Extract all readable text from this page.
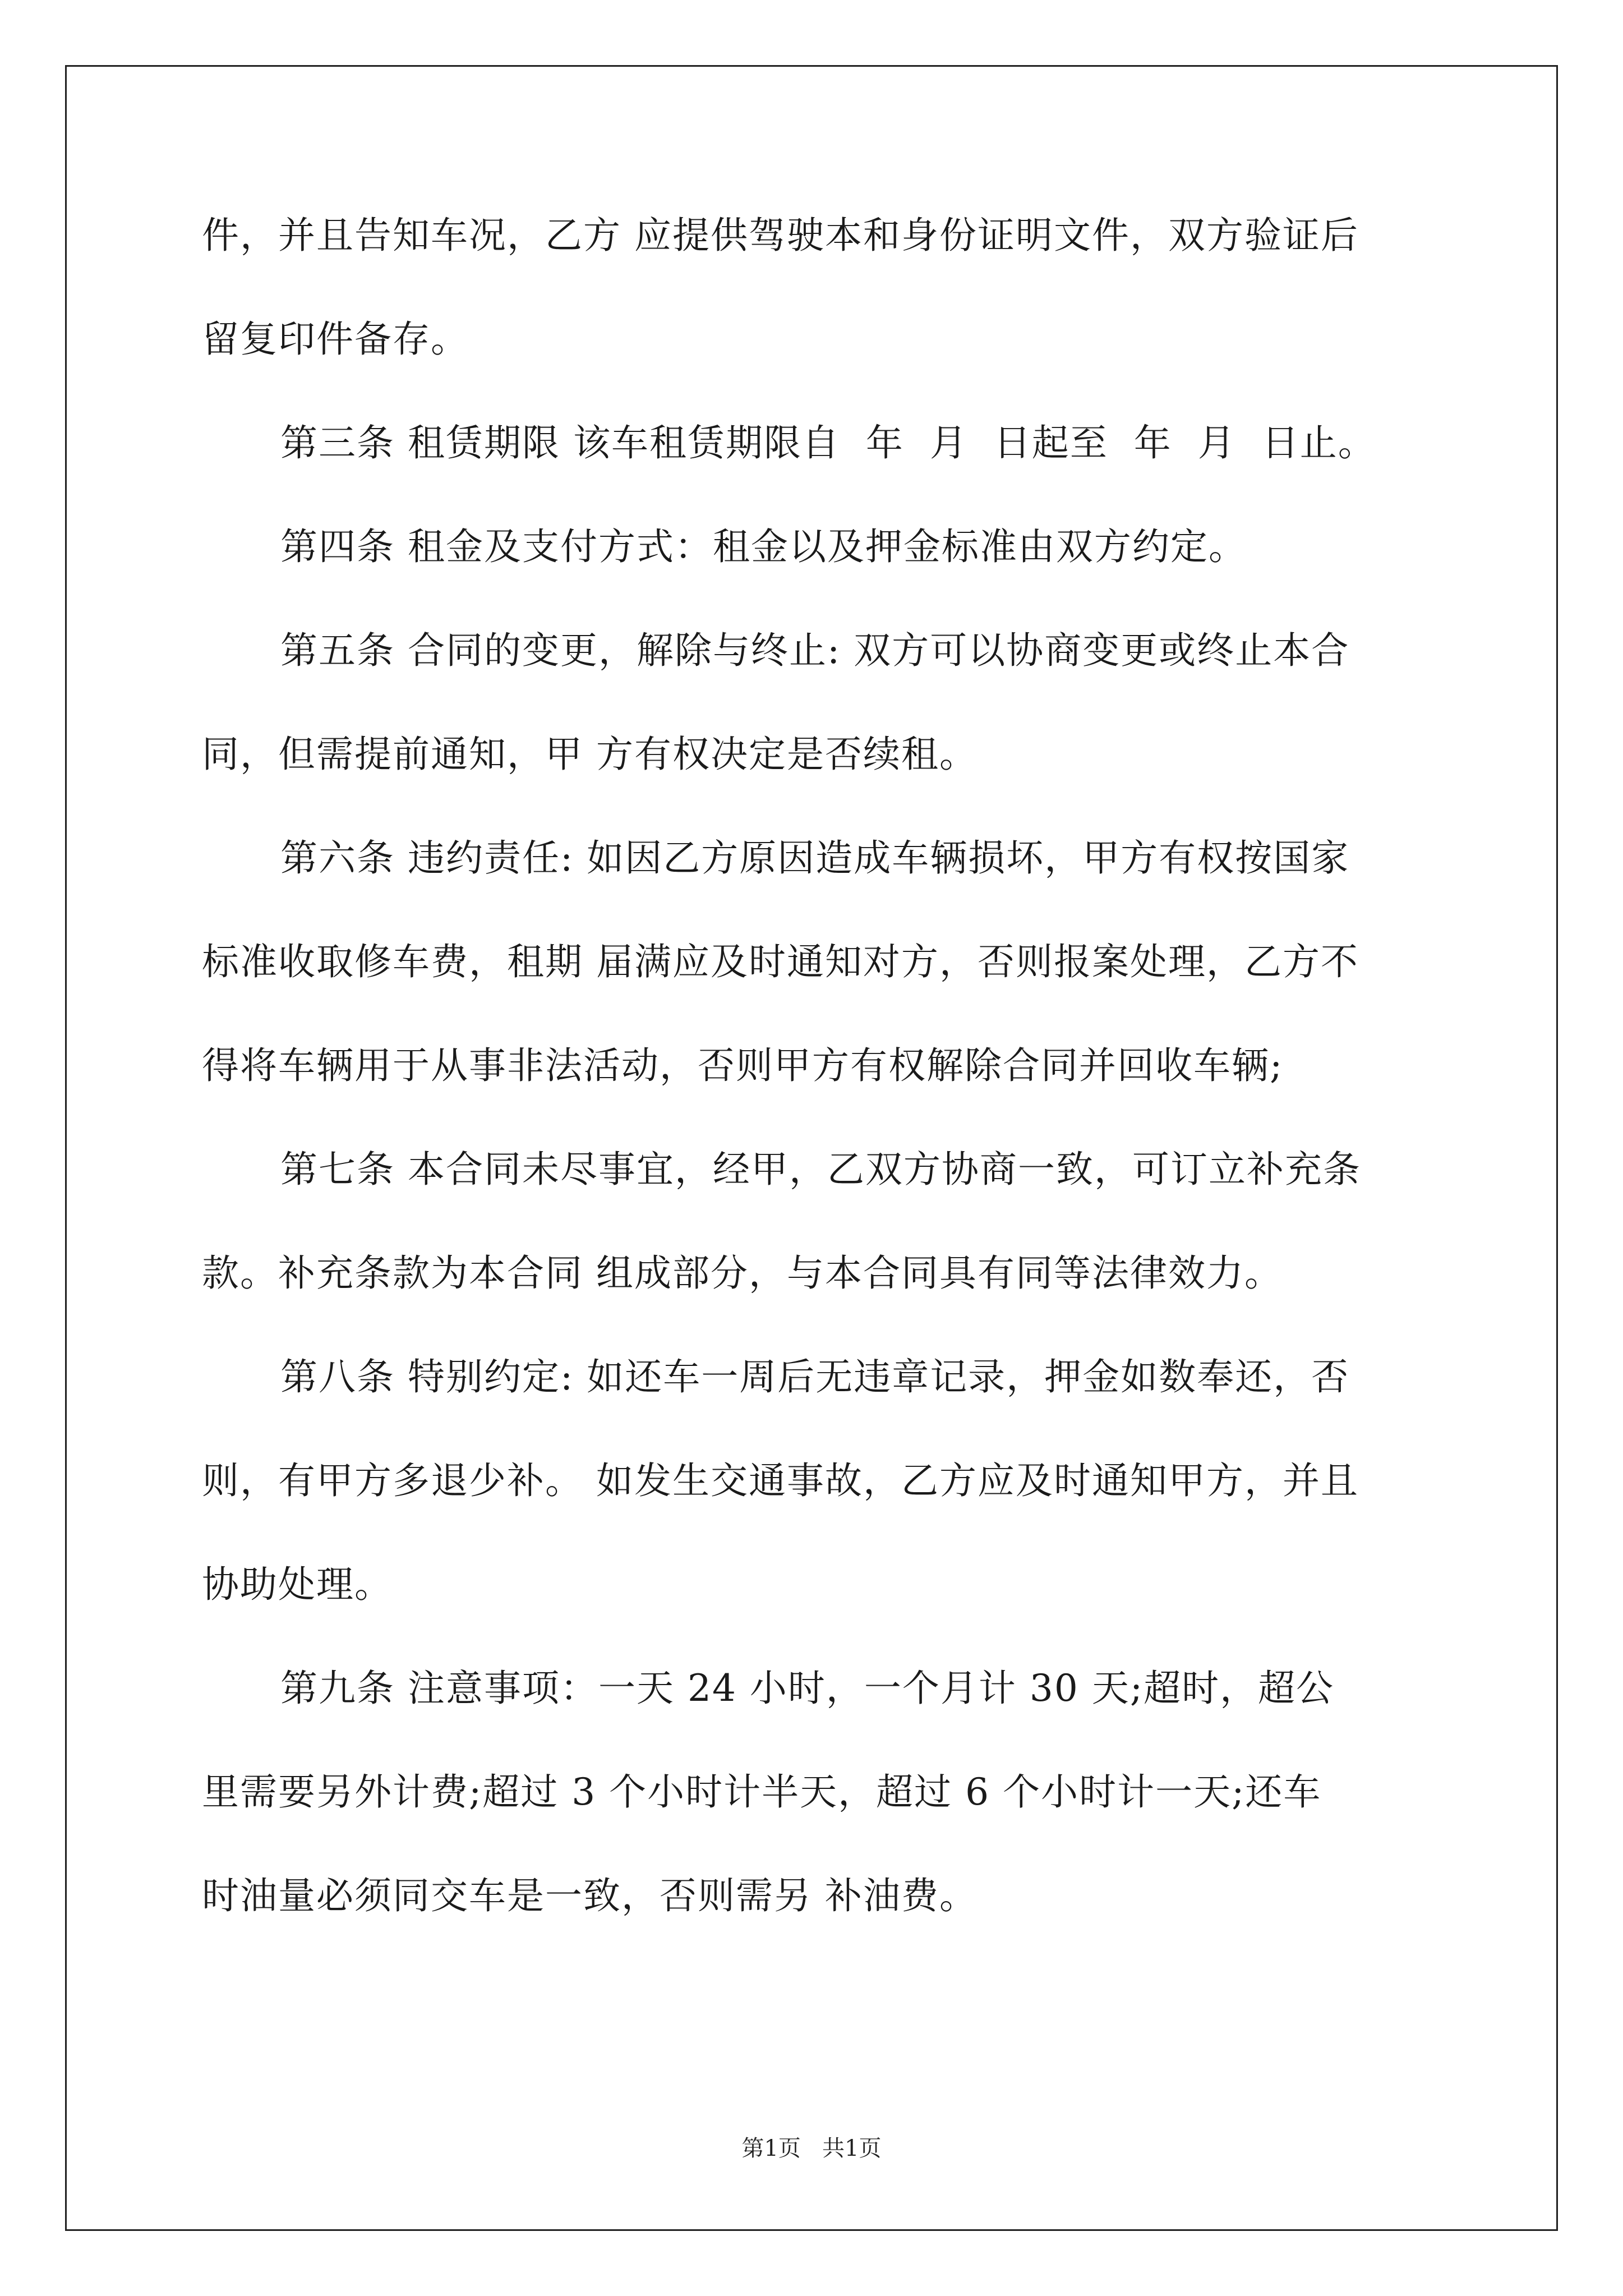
件，并且告知车况，乙方 应提供驾驶本和身份证明文件，双方验证后
留复印件备存。
第三条 租赁期限 该车租赁期限自  年  月  日起至  年  月  日止。
第四条 租金及支付方式：租金以及押金标准由双方约定。
第五条 合同的变更，解除与终止: 双方可以协商变更或终止本合
同，但需提前通知，甲 方有权决定是否续租。
第六条 违约责任: 如因乙方原因造成车辆损坏，甲方有权按国家
标准收取修车费，租期 届满应及时通知对方，否则报案处理，乙方不
得将车辆用于从事非法活动，否则甲方有权解除合同并回收车辆;
第七条 本合同未尽事宜，经甲，乙双方协商一致，可订立补充条
款。补充条款为本合同 组成部分，与本合同具有同等法律效力。
第八条 特别约定: 如还车一周后无违章记录，押金如数奉还，否
则，有甲方多退少补。 如发生交通事故，乙方应及时通知甲方，并且
协助处理。
第九条 注意事项：一天 24 小时，一个月计 30 天;超时，超公
里需要另外计费;超过 3 个小时计半天，超过 6 个小时计一天;还车
时油量必须同交车是一致，否则需另 补油费。
第1页   共1页
